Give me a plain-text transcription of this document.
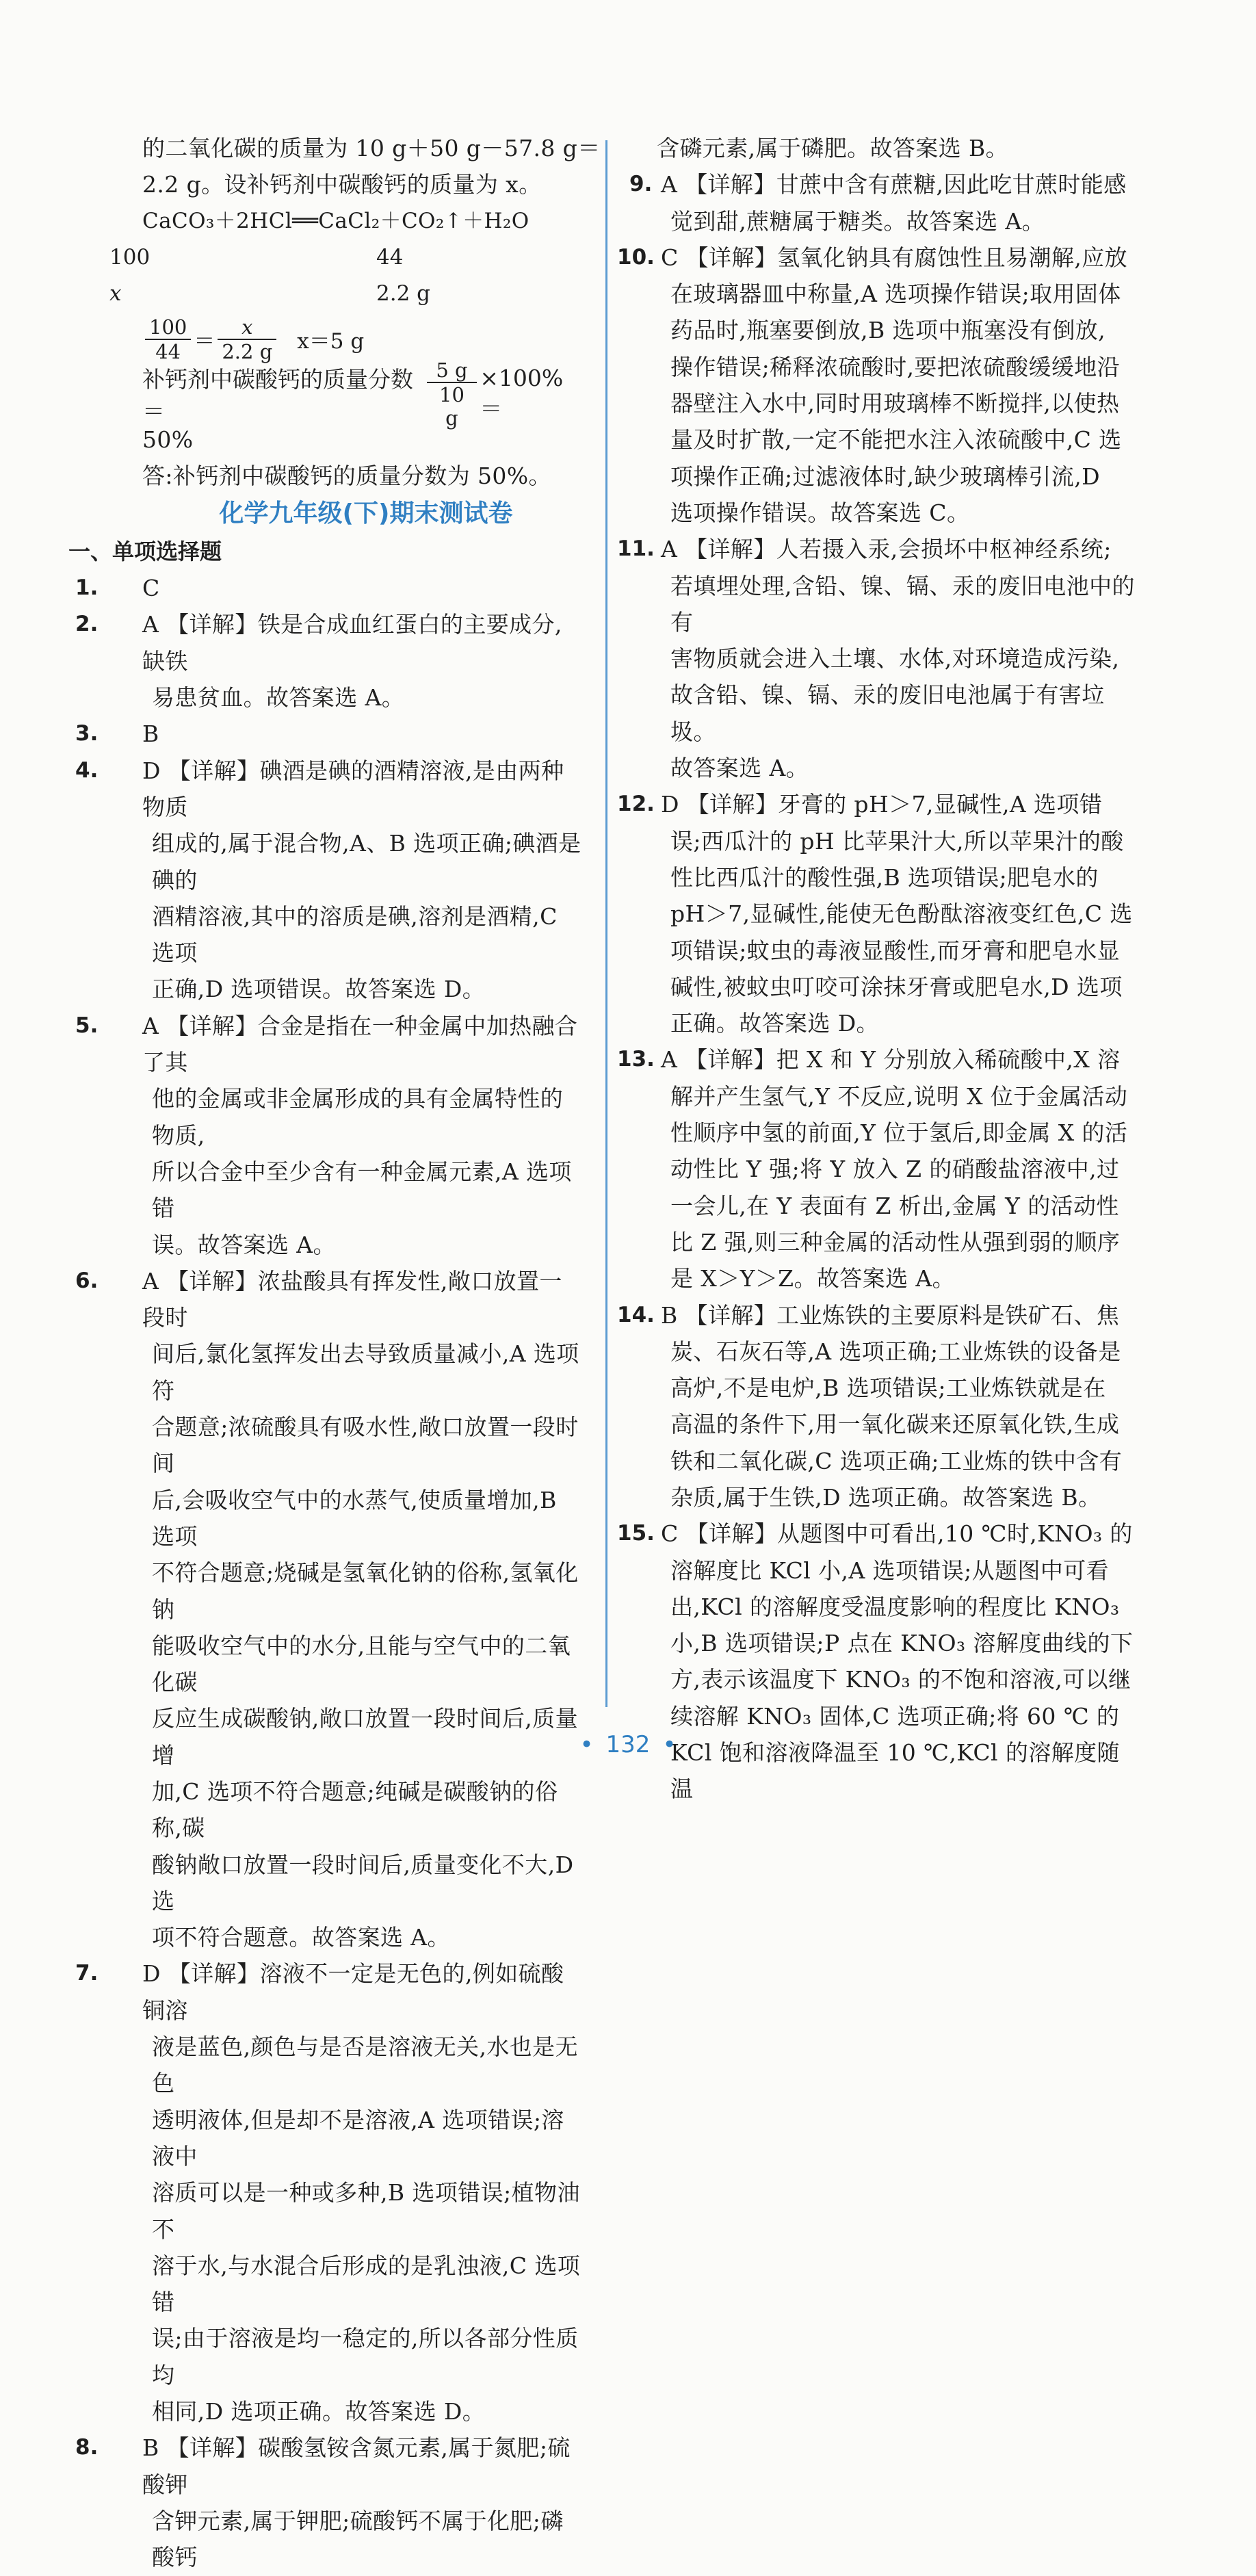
的二氧化碳的质量为 10 g＋50 g－57.8 g＝
2.2 g。设补钙剂中碳酸钙的质量为 x。
CaCO₃＋2HCl══CaCl₂＋CO₂↑＋H₂O
100	44
x	2.2 g
$\frac{100}{44} = \frac{x}{2.2 g} x=5$ g
补钙剂中碳酸钙的质量分数＝	$\frac{5 g}{10 g} \times 100\%=$
50%
答:补钙剂中碳酸钙的质量分数为 50%。
化学九年级(下)期末测试卷
一、单项选择题
1. C
2. A 【详解】铁是合成血红蛋白的主要成分,缺铁
易患贫血。故答案选 A。
3. B
4. D 【详解】碘酒是碘的酒精溶液,是由两种物质
组成的,属于混合物,A、B 选项正确;碘酒是碘的
酒精溶液,其中的溶质是碘,溶剂是酒精,C 选项
正确,D 选项错误。故答案选 D。
5. A 【详解】合金是指在一种金属中加热融合了其
他的金属或非金属形成的具有金属特性的物质,
所以合金中至少含有一种金属元素,A 选项错
误。故答案选 A。
6. A 【详解】浓盐酸具有挥发性,敞口放置一段时
间后,氯化氢挥发出去导致质量减小,A 选项符
合题意;浓硫酸具有吸水性,敞口放置一段时间
后,会吸收空气中的水蒸气,使质量增加,B 选项
不符合题意;烧碱是氢氧化钠的俗称,氢氧化钠
能吸收空气中的水分,且能与空气中的二氧化碳
反应生成碳酸钠,敞口放置一段时间后,质量增
加,C 选项不符合题意;纯碱是碳酸钠的俗称,碳
酸钠敞口放置一段时间后,质量变化不大,D 选
项不符合题意。故答案选 A。
7. D 【详解】溶液不一定是无色的,例如硫酸铜溶
液是蓝色,颜色与是否是溶液无关,水也是无色
透明液体,但是却不是溶液,A 选项错误;溶液中
溶质可以是一种或多种,B 选项错误;植物油不
溶于水,与水混合后形成的是乳浊液,C 选项错
误;由于溶液是均一稳定的,所以各部分性质均
相同,D 选项正确。故答案选 D。
8. B 【详解】碳酸氢铵含氮元素,属于氮肥;硫酸钾
含钾元素,属于钾肥;硫酸钙不属于化肥;磷酸钙
含磷元素,属于磷肥。故答案选 B。
9. A 【详解】甘蔗中含有蔗糖,因此吃甘蔗时能感
觉到甜,蔗糖属于糖类。故答案选 A。
10. C 【详解】氢氧化钠具有腐蚀性且易潮解,应放
在玻璃器皿中称量,A 选项操作错误;取用固体
药品时,瓶塞要倒放,B 选项中瓶塞没有倒放,
操作错误;稀释浓硫酸时,要把浓硫酸缓缓地沿
器壁注入水中,同时用玻璃棒不断搅拌,以使热
量及时扩散,一定不能把水注入浓硫酸中,C 选
项操作正确;过滤液体时,缺少玻璃棒引流,D
选项操作错误。故答案选 C。
11. A 【详解】人若摄入汞,会损坏中枢神经系统;
若填埋处理,含铅、镍、镉、汞的废旧电池中的有
害物质就会进入土壤、水体,对环境造成污染,
故含铅、镍、镉、汞的废旧电池属于有害垃圾。
故答案选 A。
12. D 【详解】牙膏的 pH＞7,显碱性,A 选项错
误;西瓜汁的 pH 比苹果汁大,所以苹果汁的酸
性比西瓜汁的酸性强,B 选项错误;肥皂水的
pH＞7,显碱性,能使无色酚酞溶液变红色,C 选
项错误;蚊虫的毒液显酸性,而牙膏和肥皂水显
碱性,被蚊虫叮咬可涂抹牙膏或肥皂水,D 选项
正确。故答案选 D。
13. A 【详解】把 X 和 Y 分别放入稀硫酸中,X 溶
解并产生氢气,Y 不反应,说明 X 位于金属活动
性顺序中氢的前面,Y 位于氢后,即金属 X 的活
动性比 Y 强;将 Y 放入 Z 的硝酸盐溶液中,过
一会儿,在 Y 表面有 Z 析出,金属 Y 的活动性
比 Z 强,则三种金属的活动性从强到弱的顺序
是 X＞Y＞Z。故答案选 A。
14. B 【详解】工业炼铁的主要原料是铁矿石、焦
炭、石灰石等,A 选项正确;工业炼铁的设备是
高炉,不是电炉,B 选项错误;工业炼铁就是在
高温的条件下,用一氧化碳来还原氧化铁,生成
铁和二氧化碳,C 选项正确;工业炼的铁中含有
杂质,属于生铁,D 选项正确。故答案选 B。
15. C 【详解】从题图中可看出,10 ℃时,KNO₃ 的
溶解度比 KCl 小,A 选项错误;从题图中可看
出,KCl 的溶解度受温度影响的程度比 KNO₃
小,B 选项错误;P 点在 KNO₃ 溶解度曲线的下
方,表示该温度下 KNO₃ 的不饱和溶液,可以继
续溶解 KNO₃ 固体,C 选项正确;将 60 ℃ 的
KCl 饱和溶液降温至 10 ℃,KCl 的溶解度随温
• 132 •
